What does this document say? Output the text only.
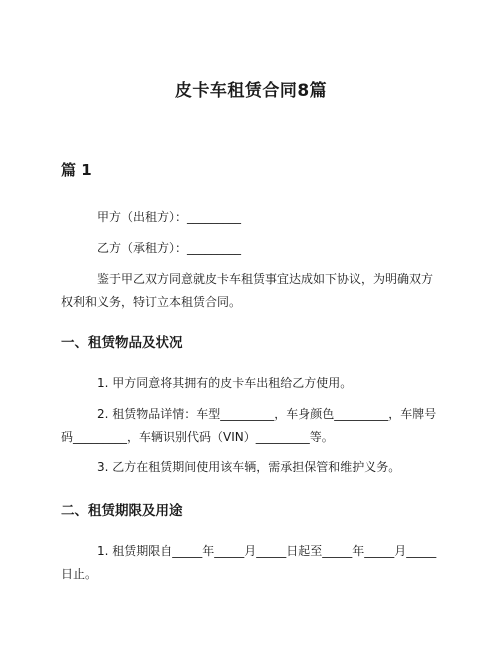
皮卡车租赁合同8篇
篇 1
甲方（出租方）：_________
乙方（承租方）：_________
鉴于甲乙双方同意就皮卡车租赁事宜达成如下协议，为明确双方权利和义务，特订立本租赁合同。
一、租赁物品及状况
1. 甲方同意将其拥有的皮卡车出租给乙方使用。
2. 租赁物品详情：车型_________，车身颜色_________，车牌号码_________，车辆识别代码（VIN）_________等。
3. 乙方在租赁期间使用该车辆，需承担保管和维护义务。
二、租赁期限及用途
1. 租赁期限自_____年_____月_____日起至_____年_____月_____日止。
